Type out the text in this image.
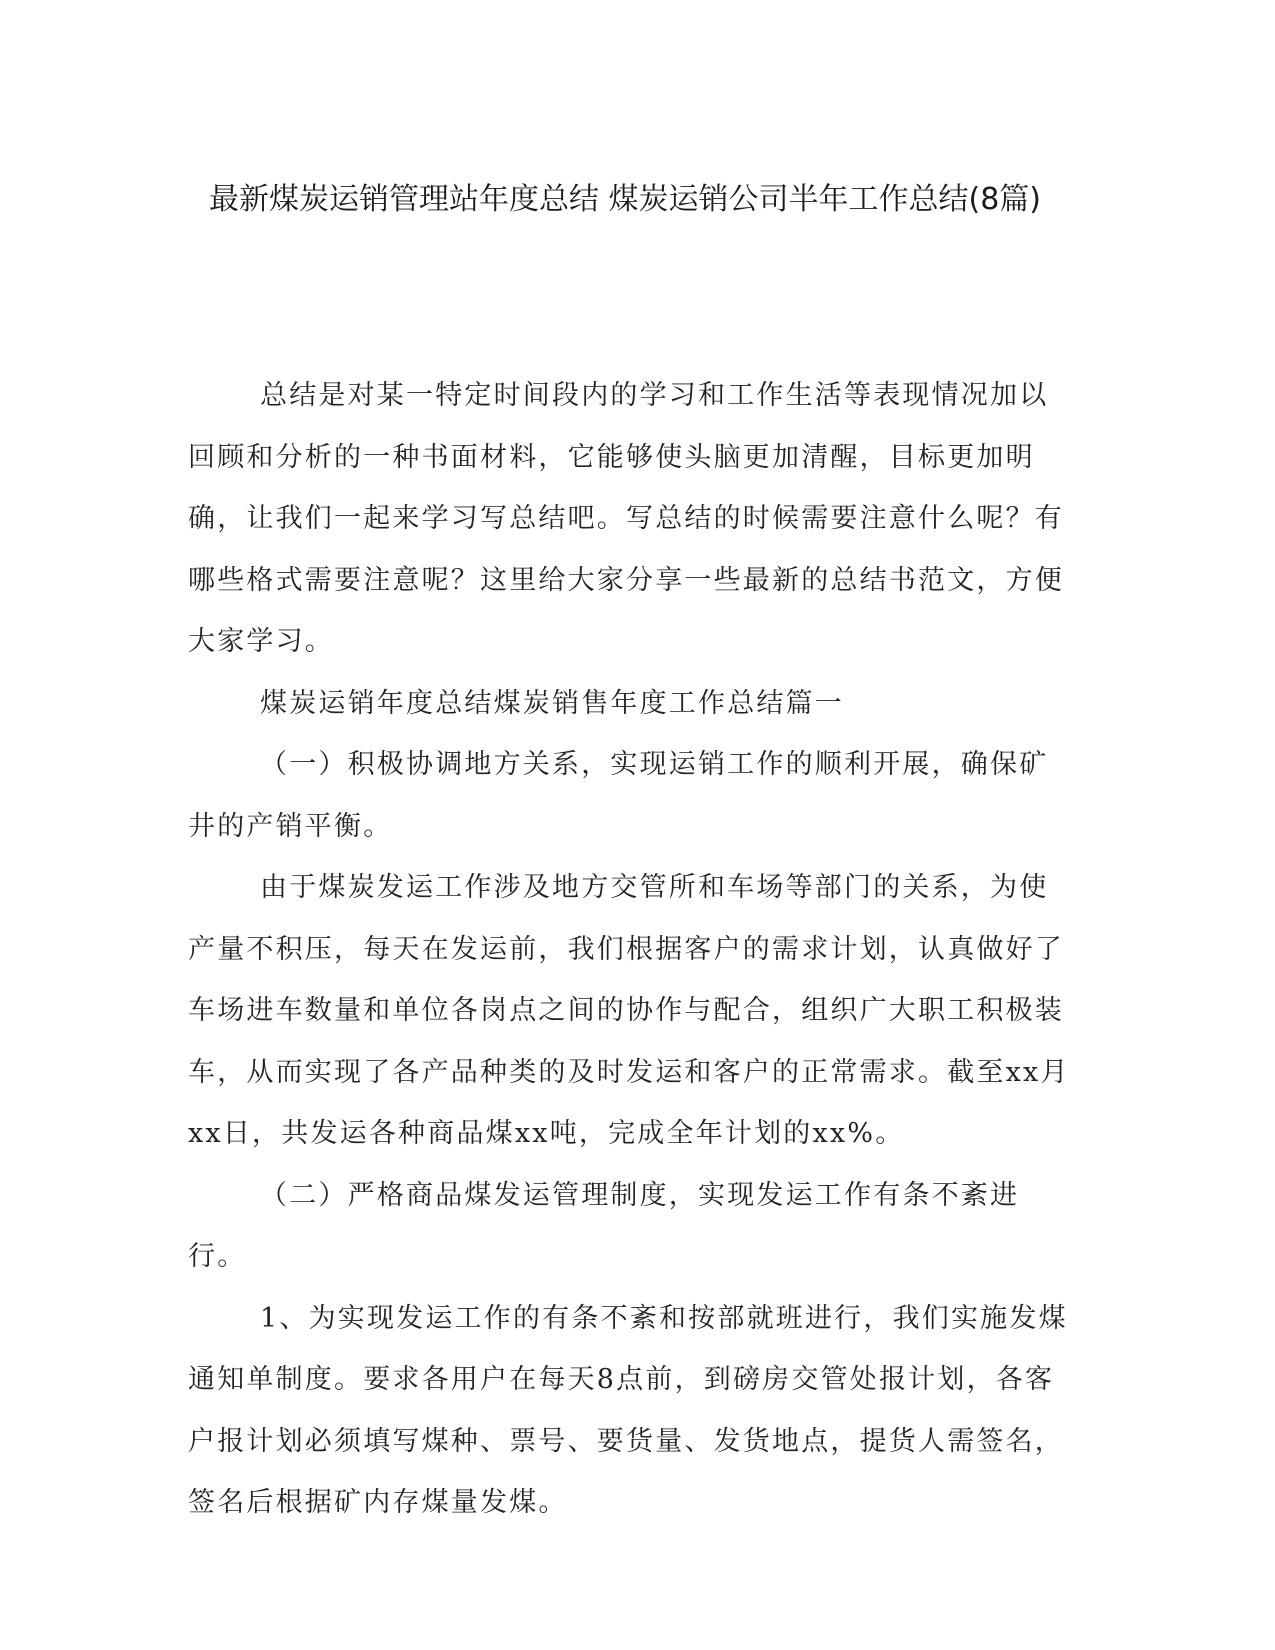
最新煤炭运销管理站年度总结 煤炭运销公司半年工作总结(8篇)

总结是对某一特定时间段内的学习和工作生活等表现情况加以回顾和分析的一种书面材料，它能够使头脑更加清醒，目标更加明确，让我们一起来学习写总结吧。写总结的时候需要注意什么呢？有哪些格式需要注意呢？这里给大家分享一些最新的总结书范文，方便大家学习。

煤炭运销年度总结煤炭销售年度工作总结篇一

（一）积极协调地方关系，实现运销工作的顺利开展，确保矿井的产销平衡。

由于煤炭发运工作涉及地方交管所和车场等部门的关系，为使产量不积压，每天在发运前，我们根据客户的需求计划，认真做好了车场进车数量和单位各岗点之间的协作与配合，组织广大职工积极装车，从而实现了各产品种类的及时发运和客户的正常需求。截至xx月xx日，共发运各种商品煤xx吨，完成全年计划的xx%。

（二）严格商品煤发运管理制度，实现发运工作有条不紊进行。

1、为实现发运工作的有条不紊和按部就班进行，我们实施发煤通知单制度。要求各用户在每天8点前，到磅房交管处报计划，各客户报计划必须填写煤种、票号、要货量、发货地点，提货人需签名，签名后根据矿内存煤量发煤。
